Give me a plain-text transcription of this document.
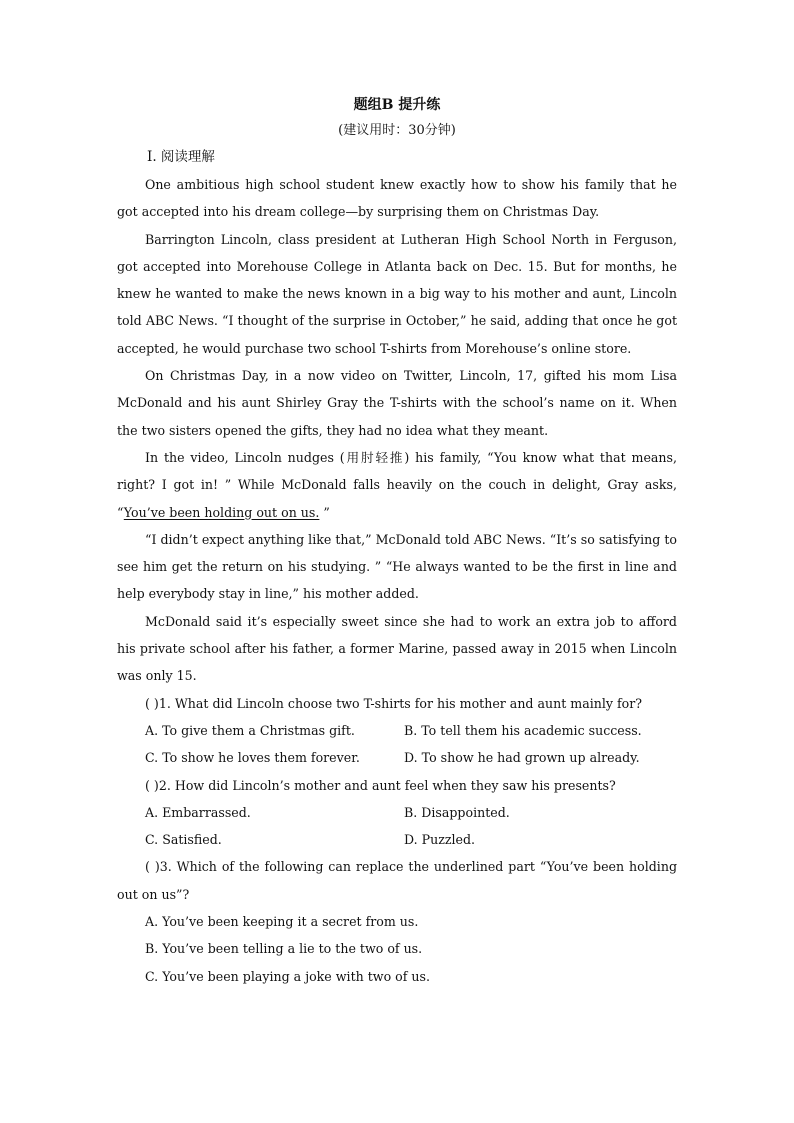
题组B 提升练

(建议用时：30分钟)

Ⅰ. 阅读理解

One ambitious high school student knew exactly how to show his family that he got accepted into his dream college—by surprising them on Christmas Day.

Barrington Lincoln, class president at Lutheran High School North in Ferguson, got accepted into Morehouse College in Atlanta back on Dec. 15. But for months, he knew he wanted to make the news known in a big way to his mother and aunt, Lincoln told ABC News. “I thought of the surprise in October,” he said, adding that once he got accepted, he would purchase two school T-shirts from Morehouse’s online store.

On Christmas Day, in a now video on Twitter, Lincoln, 17, gifted his mom Lisa McDonald and his aunt Shirley Gray the T-shirts with the school’s name on it. When the two sisters opened the gifts, they had no idea what they meant.

In the video, Lincoln nudges (用肘轻推) his family, “You know what that means, right? I got in! ” While McDonald falls heavily on the couch in delight, Gray asks, “You’ve been holding out on us. ”

“I didn’t expect anything like that,” McDonald told ABC News. “It’s so satisfying to see him get the return on his studying. ” “He always wanted to be the first in line and help everybody stay in line,” his mother added.

McDonald said it’s especially sweet since she had to work an extra job to afford his private school after his father, a former Marine, passed away in 2015 when Lincoln was only 15.

( )1. What did Lincoln choose two T-shirts for his mother and aunt mainly for?

A. To give them a Christmas gift.	B. To tell them his academic success.
C. To show he loves them forever.	D. To show he had grown up already.

( )2. How did Lincoln’s mother and aunt feel when they saw his presents?

A. Embarrassed.	B. Disappointed.
C. Satisfied.	D. Puzzled.

( )3. Which of the following can replace the underlined part “You’ve been holding out on us”?

A. You’ve been keeping it a secret from us.

B. You’ve been telling a lie to the two of us.

C. You’ve been playing a joke with two of us.
